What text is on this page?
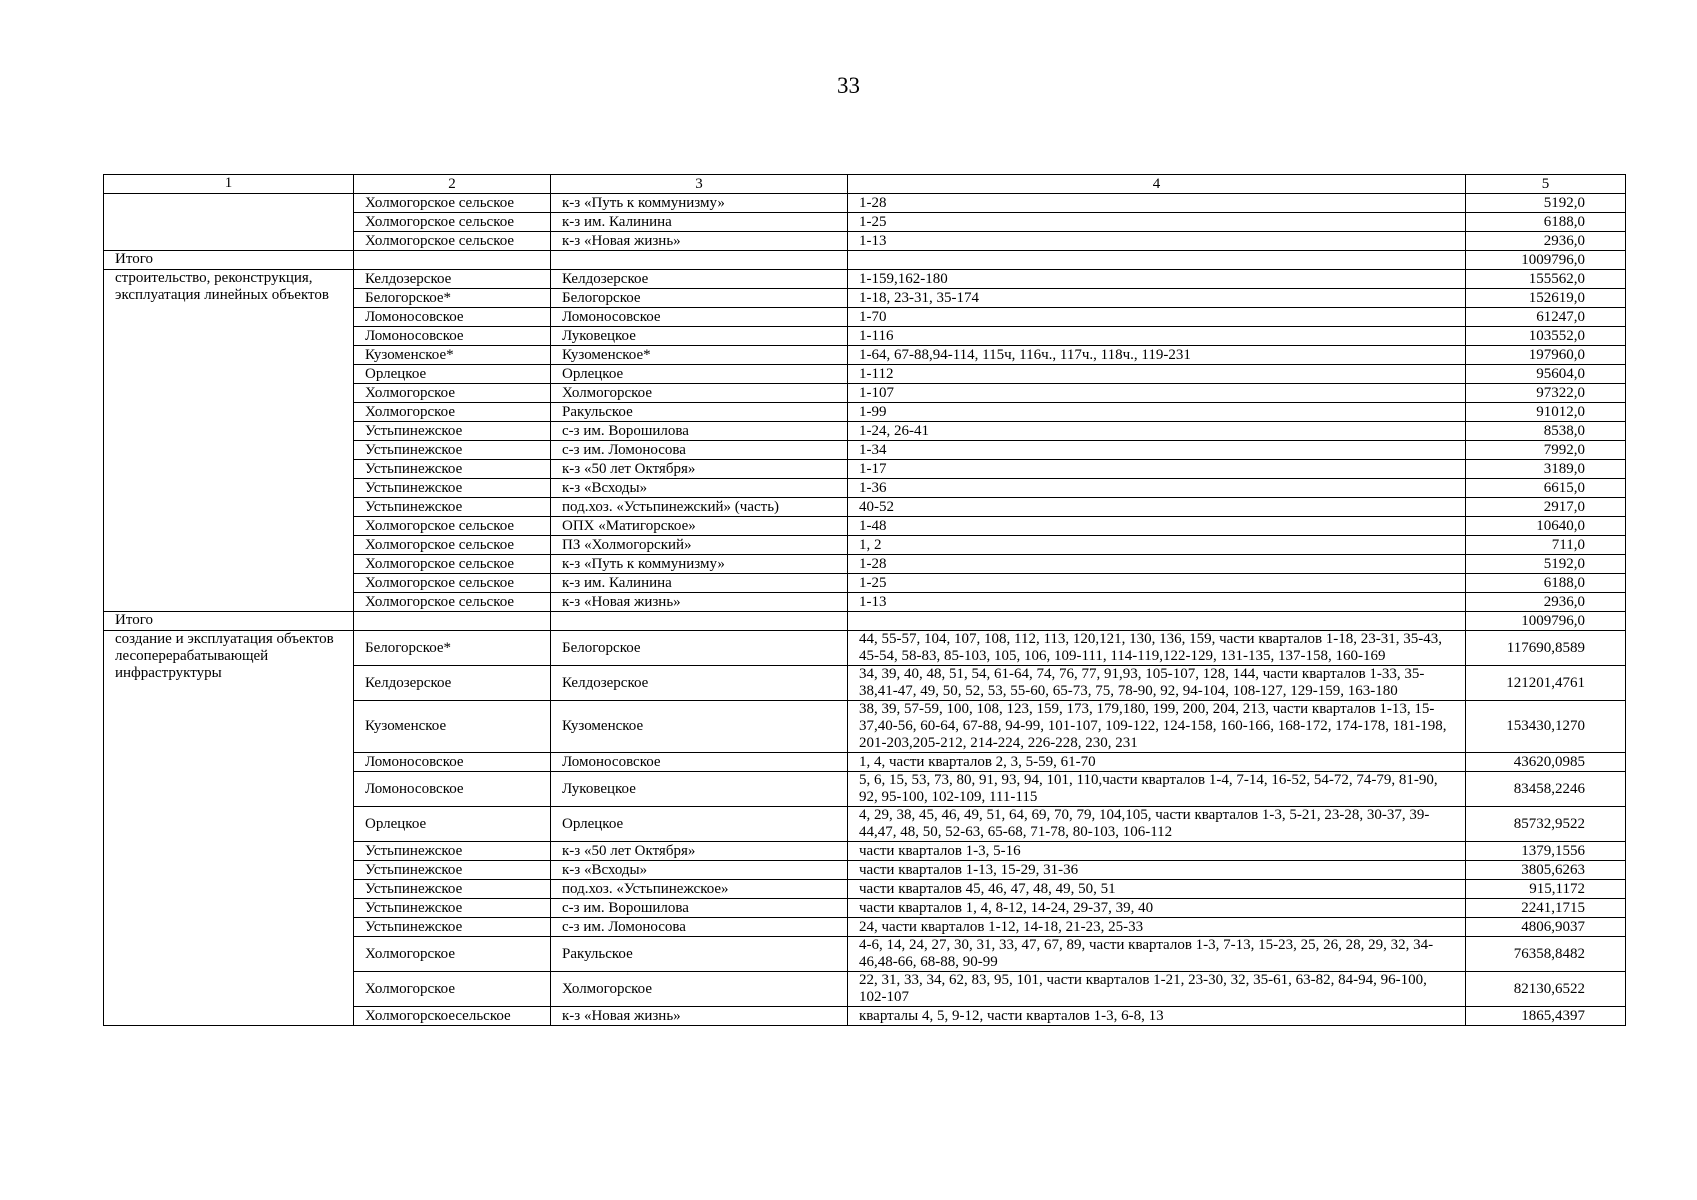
33
1	2	3	4	5
	Холмогорское сельское	к-з «Путь к коммунизму»	1-28	5192,0
	Холмогорское сельское	к-з им. Калинина	1-25	6188,0
	Холмогорское сельское	к-з «Новая жизнь»	1-13	2936,0
Итого				1009796,0
строительство, реконструкция, эксплуатация линейных объектов	Келдозерское	Келдозерское	1-159,162-180	155562,0
	Белогорское*	Белогорское	1-18, 23-31, 35-174	152619,0
	Ломоносовское	Ломоносовское	1-70	61247,0
	Ломоносовское	Луковецкое	1-116	103552,0
	Кузоменское*	Кузоменское*	1-64, 67-88,94-114, 115ч, 116ч., 117ч., 118ч., 119-231	197960,0
	Орлецкое	Орлецкое	1-112	95604,0
	Холмогорское	Холмогорское	1-107	97322,0
	Холмогорское	Ракульское	1-99	91012,0
	Устьпинежское	с-з им. Ворошилова	1-24, 26-41	8538,0
	Устьпинежское	с-з им. Ломоносова	1-34	7992,0
	Устьпинежское	к-з «50 лет Октября»	1-17	3189,0
	Устьпинежское	к-з «Всходы»	1-36	6615,0
	Устьпинежское	под.хоз. «Устьпинежский» (часть)	40-52	2917,0
	Холмогорское сельское	ОПХ «Матигорское»	1-48	10640,0
	Холмогорское сельское	ПЗ «Холмогорский»	1, 2	711,0
	Холмогорское сельское	к-з «Путь к коммунизму»	1-28	5192,0
	Холмогорское сельское	к-з им. Калинина	1-25	6188,0
	Холмогорское сельское	к-з «Новая жизнь»	1-13	2936,0
Итого				1009796,0
создание и эксплуатация объектов лесоперерабатывающей инфраструктуры	Белогорское*	Белогорское	44, 55-57, 104, 107, 108, 112, 113, 120,121, 130, 136, 159, части кварталов 1-18, 23-31, 35-43, 45-54, 58-83, 85-103, 105, 106, 109-111, 114-119,122-129, 131-135, 137-158, 160-169	117690,8589
	Келдозерское	Келдозерское	34, 39, 40, 48, 51, 54, 61-64, 74, 76, 77, 91,93, 105-107, 128, 144, части кварталов 1-33, 35-38,41-47, 49, 50, 52, 53, 55-60, 65-73, 75, 78-90, 92, 94-104, 108-127, 129-159, 163-180	121201,4761
	Кузоменское	Кузоменское	38, 39, 57-59, 100, 108, 123, 159, 173, 179,180, 199, 200, 204, 213, части кварталов 1-13, 15-37,40-56, 60-64, 67-88, 94-99, 101-107, 109-122, 124-158, 160-166, 168-172, 174-178, 181-198, 201-203,205-212, 214-224, 226-228, 230, 231	153430,1270
	Ломоносовское	Ломоносовское	1, 4, части кварталов 2, 3, 5-59, 61-70	43620,0985
	Ломоносовское	Луковецкое	5, 6, 15, 53, 73, 80, 91, 93, 94, 101, 110,части кварталов 1-4, 7-14, 16-52, 54-72, 74-79, 81-90, 92, 95-100, 102-109, 111-115	83458,2246
	Орлецкое	Орлецкое	4, 29, 38, 45, 46, 49, 51, 64, 69, 70, 79, 104,105, части кварталов 1-3, 5-21, 23-28, 30-37, 39-44,47, 48, 50, 52-63, 65-68, 71-78, 80-103, 106-112	85732,9522
	Устьпинежское	к-з «50 лет Октября»	части кварталов 1-3, 5-16	1379,1556
	Устьпинежское	к-з «Всходы»	части кварталов 1-13, 15-29, 31-36	3805,6263
	Устьпинежское	под.хоз. «Устьпинежское»	части кварталов 45, 46, 47, 48, 49, 50, 51	915,1172
	Устьпинежское	с-з им. Ворошилова	части кварталов 1, 4, 8-12, 14-24, 29-37, 39, 40	2241,1715
	Устьпинежское	с-з им. Ломоносова	24, части кварталов 1-12, 14-18, 21-23, 25-33	4806,9037
	Холмогорское	Ракульское	4-6, 14, 24, 27, 30, 31, 33, 47, 67, 89, части кварталов 1-3, 7-13, 15-23, 25, 26, 28, 29, 32, 34-46,48-66, 68-88, 90-99	76358,8482
	Холмогорское	Холмогорское	22, 31, 33, 34, 62, 83, 95, 101, части кварталов 1-21, 23-30, 32, 35-61, 63-82, 84-94, 96-100, 102-107	82130,6522
	Холмогорскоесельское	к-з «Новая жизнь»	кварталы 4, 5, 9-12, части кварталов 1-3, 6-8, 13	1865,4397
